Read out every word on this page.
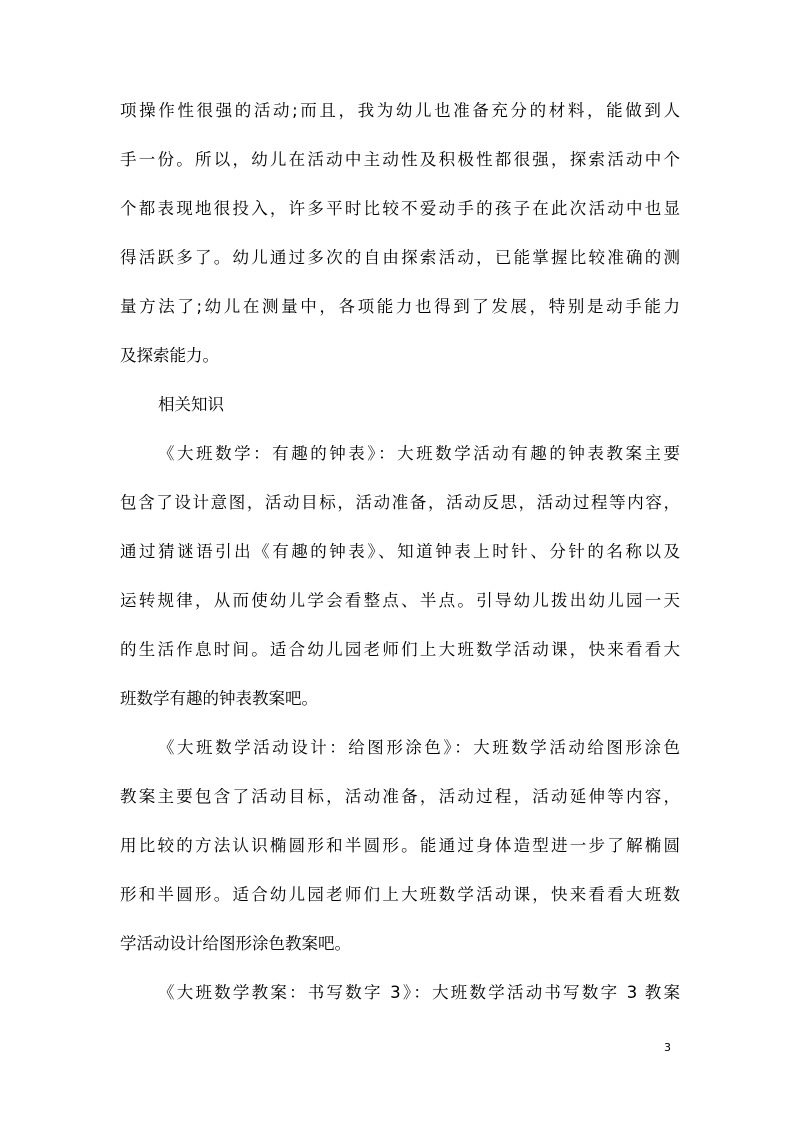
项操作性很强的活动;而且，我为幼儿也准备充分的材料，能做到人
手一份。所以，幼儿在活动中主动性及积极性都很强，探索活动中个
个都表现地很投入，许多平时比较不爱动手的孩子在此次活动中也显
得活跃多了。幼儿通过多次的自由探索活动，已能掌握比较准确的测
量方法了;幼儿在测量中，各项能力也得到了发展，特别是动手能力
及探索能力。
相关知识
《大班数学：有趣的钟表》：大班数学活动有趣的钟表教案主要
包含了设计意图，活动目标，活动准备，活动反思，活动过程等内容，
通过猜谜语引出《有趣的钟表》、知道钟表上时针、分针的名称以及
运转规律，从而使幼儿学会看整点、半点。引导幼儿拨出幼儿园一天
的生活作息时间。适合幼儿园老师们上大班数学活动课，快来看看大
班数学有趣的钟表教案吧。
《大班数学活动设计：给图形涂色》：大班数学活动给图形涂色
教案主要包含了活动目标，活动准备，活动过程，活动延伸等内容，
用比较的方法认识椭圆形和半圆形。能通过身体造型进一步了解椭圆
形和半圆形。适合幼儿园老师们上大班数学活动课，快来看看大班数
学活动设计给图形涂色教案吧。
《大班数学教案：书写数字 3》：大班数学活动书写数字 3 教案
3
